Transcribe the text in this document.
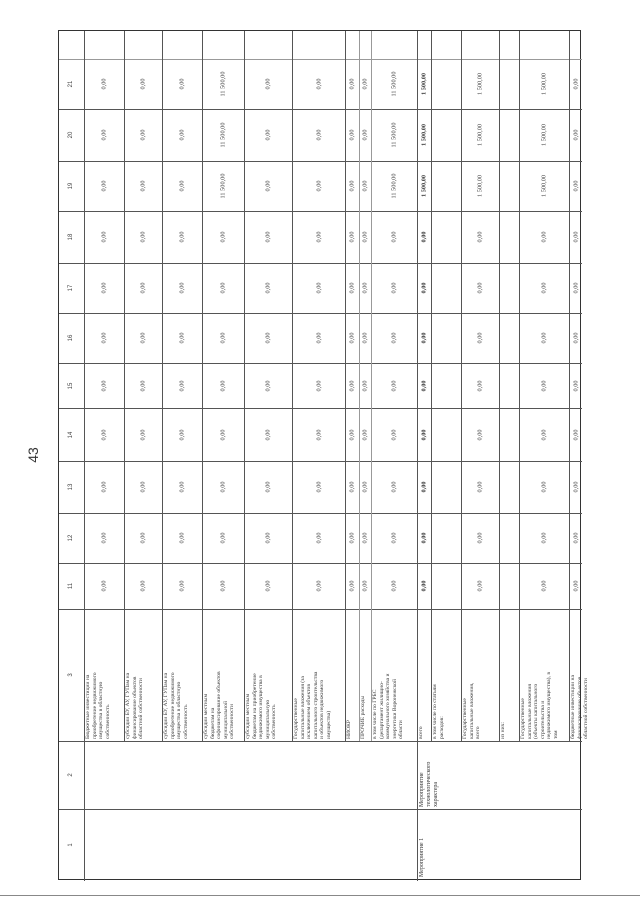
43
21
20
19
18
17
16
15
14
13
12
11
3
2
1
0,00
0,00
0,00
0,00
0,00
0,00
0,00
0,00
0,00
0,00
0,00
Бюджетные инвестиции на приобретение недвижимого имущества в областную собственность
0,00
0,00
0,00
0,00
0,00
0,00
0,00
0,00
0,00
0,00
0,00
субсидии БУ, АУ, ГУПам на финансирование объектов областной собственности
0,00
0,00
0,00
0,00
0,00
0,00
0,00
0,00
0,00
0,00
0,00
субсидии БУ, АУ, ГУПам на приобретение недвижимого имущества в областную собственность
0,00
0,00
0,00
0,00
0,00
0,00
0,00
0,00
11 500,00
11 500,00
11 500,00
субсидии местным бюджетам на софинансирование объектов муниципальной собственности
0,00
0,00
0,00
0,00
0,00
0,00
0,00
0,00
0,00
0,00
0,00
субсидии местным бюджетам на приобретение недвижимого имущества в муниципальную собственность
0,00
0,00
0,00
0,00
0,00
0,00
0,00
0,00
0,00
0,00
0,00
Государственные капитальные вложения (за исключением объектов капитального строительства и объектов недвижимого имущества)
0,00
0,00
0,00
0,00
0,00
0,00
0,00
0,00
0,00
0,00
0,00
НИОКР
0,00
0,00
0,00
0,00
0,00
0,00
0,00
0,00
0,00
0,00
0,00
ПРОЧИЕ расходы
0,00
0,00
0,00
0,00
0,00
0,00
0,00
0,00
11 500,00
11 500,00
11 500,00
в том числе по ГРБС (департамент жилищно- коммунального хозяйства и энергетики Воронежской области
0,00
0,00
0,00
0,00
0,00
0,00
0,00
0,00
1 500,00
1 500,00
1 500,00
всего в том числе по статьям расходов:
0,00
0,00
0,00
0,00
0,00
0,00
0,00
0,00
1 500,00
1 500,00
1 500,00
Государственные капитальные вложения, всего	из них:
0,00
0,00
0,00
0,00
0,00
0,00
0,00
0,00
1 500,00
1 500,00
1 500,00
Государственные капитальные вложения (объекты капитального строительства и недвижимого имущества), в том
0,00
0,00
0,00
0,00
0,00
0,00
0,00
0,00
0,00
0,00
0,00
бюджетные инвестиции на финансирование объектов областной собственности
Мероприятие технологического характера
Мероприятие 1
